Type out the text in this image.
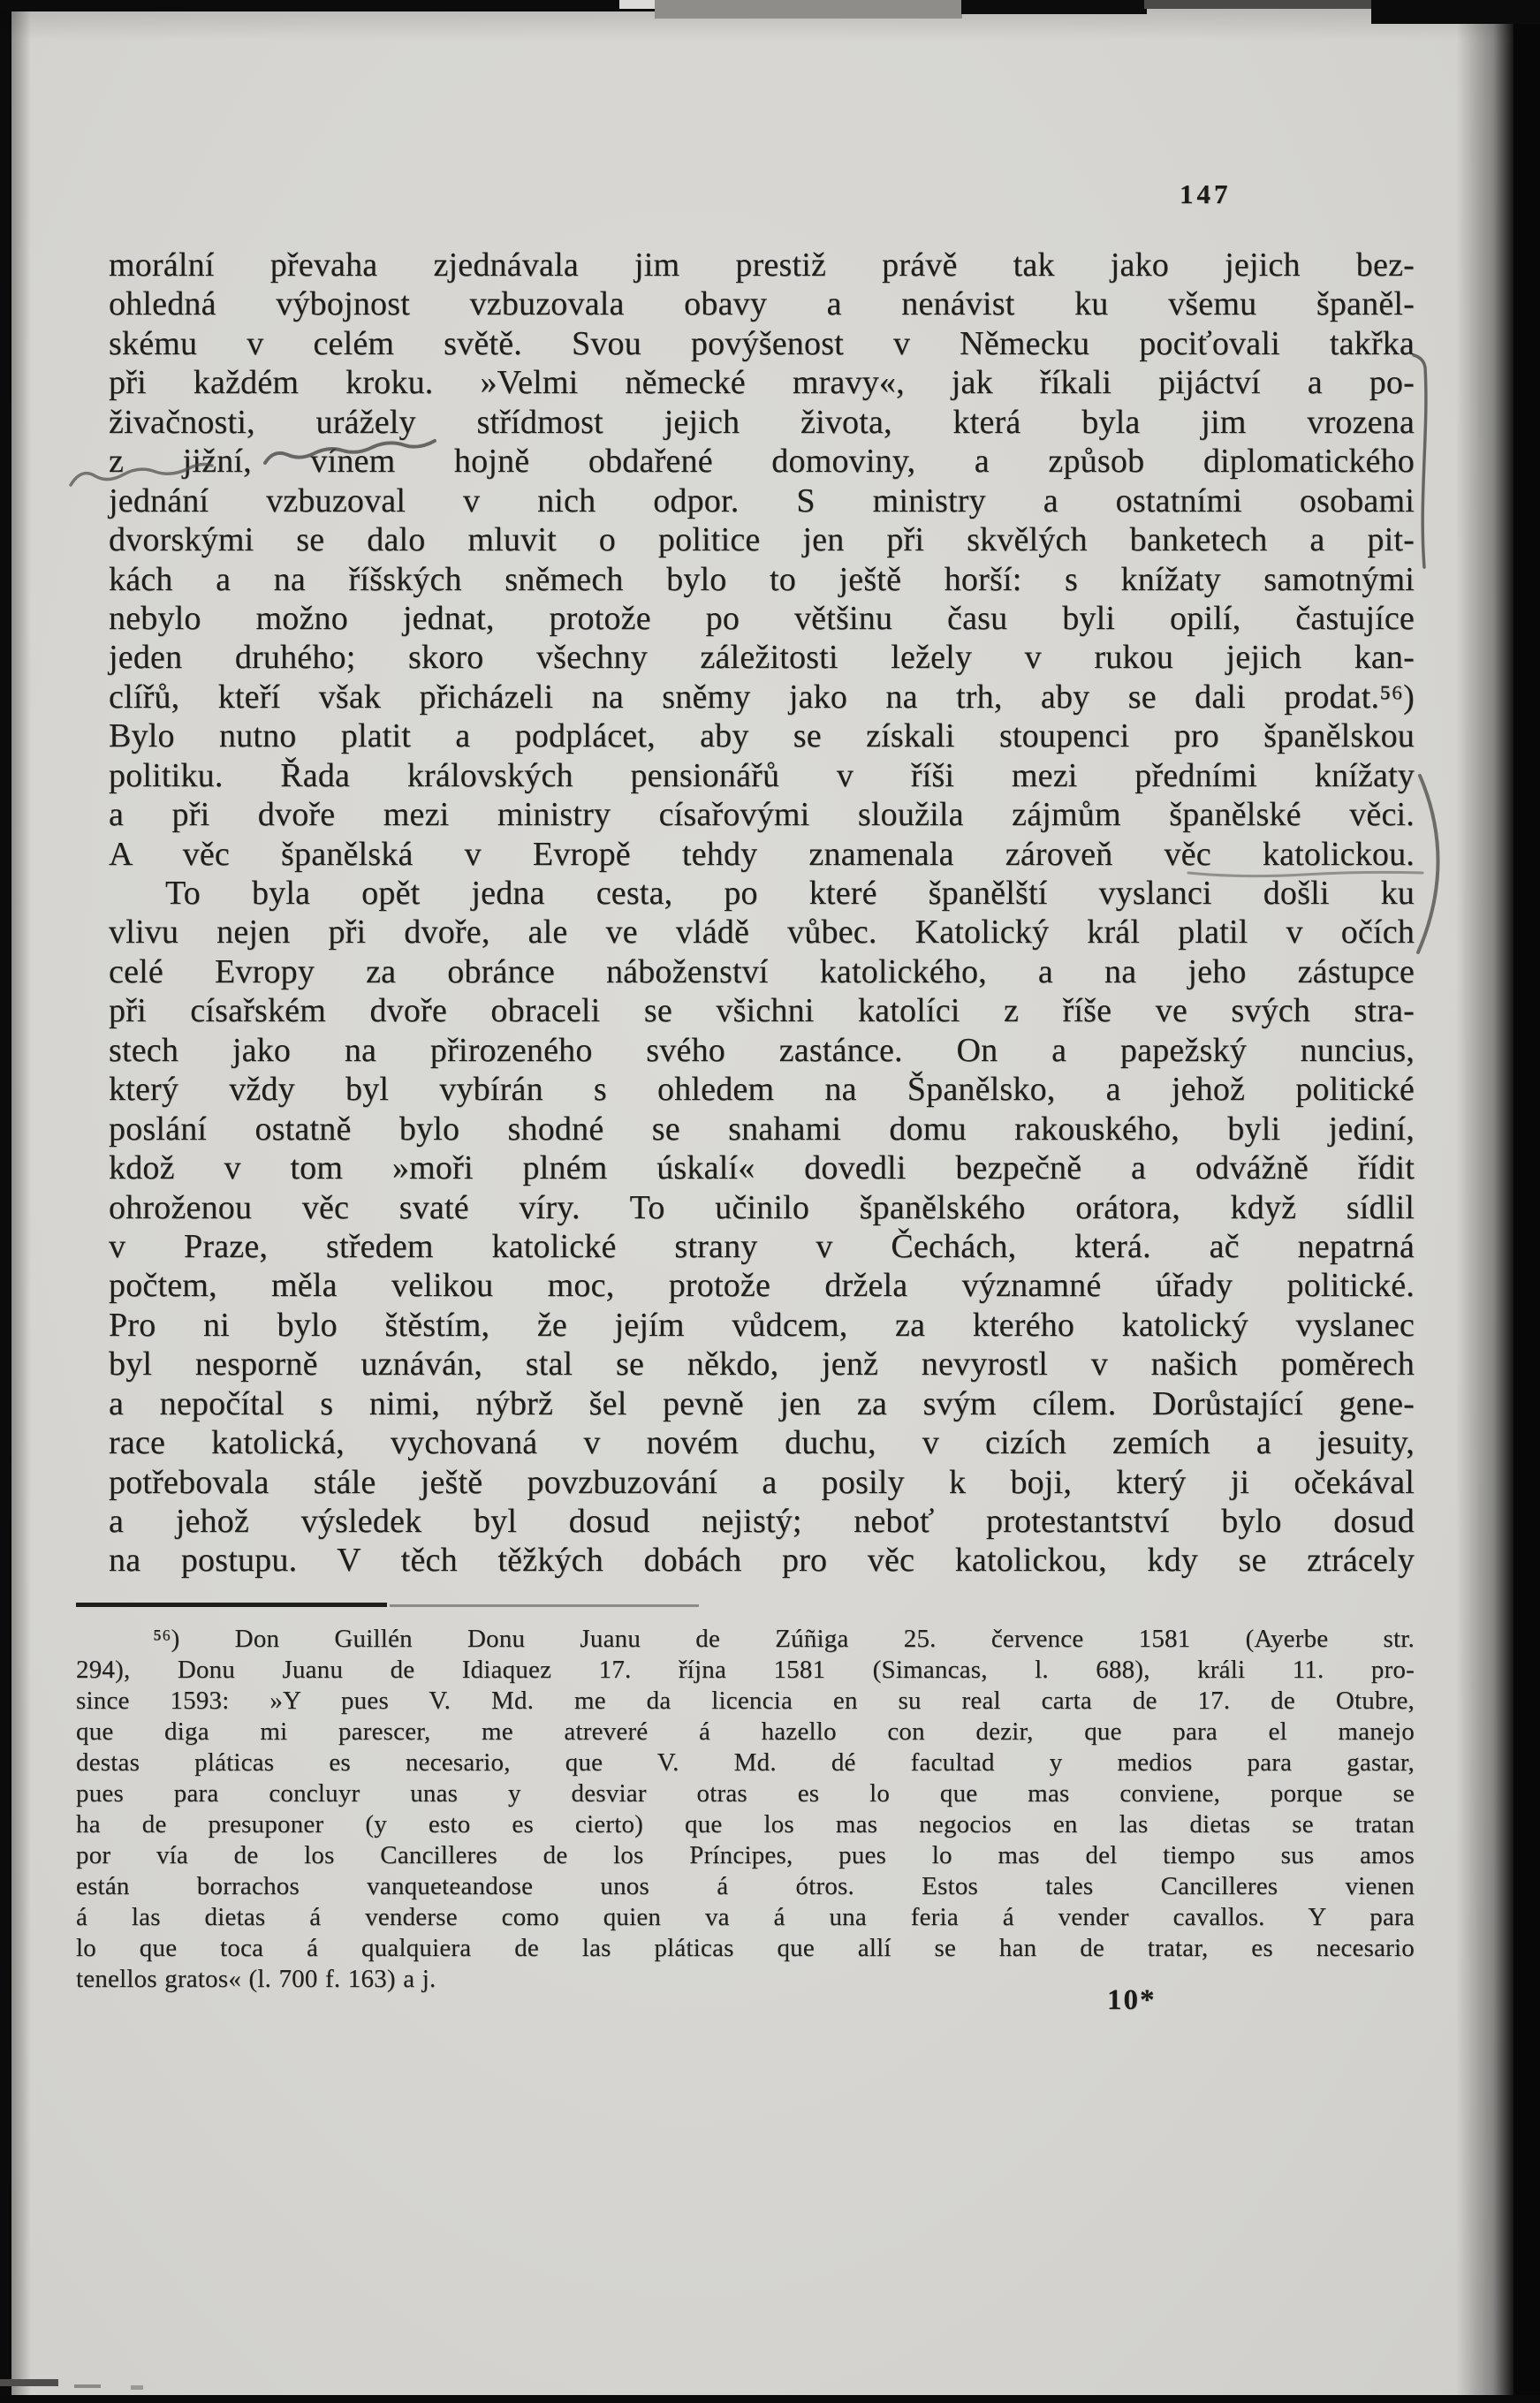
147
morální převaha zjednávala jim prestiž právě tak jako jejich bez-
ohledná výbojnost vzbuzovala obavy a nenávist ku všemu španěl-
skému v celém světě. Svou povýšenost v Německu pociťovali takřka
při každém kroku. »Velmi německé mravy«, jak říkali pijáctví a po-
živačnosti, urážely střídmost jejich života, která byla jim vrozena
z jižní, vínem hojně obdařené domoviny, a způsob diplomatického
jednání vzbuzoval v nich odpor. S ministry a ostatními osobami
dvorskými se dalo mluvit o politice jen při skvělých banketech a pit-
kách a na říšských sněmech bylo to ještě horší: s knížaty samotnými
nebylo možno jednat, protože po většinu času byli opilí, častujíce
jeden druhého; skoro všechny záležitosti ležely v rukou jejich kan-
clířů, kteří však přicházeli na sněmy jako na trh, aby se dali prodat.⁵⁶)
Bylo nutno platit a podplácet, aby se získali stoupenci pro španělskou
politiku. Řada královských pensionářů v říši mezi předními knížaty
a při dvoře mezi ministry císařovými sloužila zájmům španělské věci.
A věc španělská v Evropě tehdy znamenala zároveň věc katolickou.
To byla opět jedna cesta, po které španělští vyslanci došli ku
vlivu nejen při dvoře, ale ve vládě vůbec. Katolický král platil v očích
celé Evropy za obránce náboženství katolického, a na jeho zástupce
při císařském dvoře obraceli se všichni katolíci z říše ve svých stra-
stech jako na přirozeného svého zastánce. On a papežský nuncius,
který vždy byl vybírán s ohledem na Španělsko, a jehož politické
poslání ostatně bylo shodné se snahami domu rakouského, byli jediní,
kdož v tom »moři plném úskalí« dovedli bezpečně a odvážně řídit
ohroženou věc svaté víry. To učinilo španělského orátora, když sídlil
v Praze, středem katolické strany v Čechách, která. ač nepatrná
počtem, měla velikou moc, protože držela významné úřady politické.
Pro ni bylo štěstím, že jejím vůdcem, za kterého katolický vyslanec
byl nesporně uznáván, stal se někdo, jenž nevyrostl v našich poměrech
a nepočítal s nimi, nýbrž šel pevně jen za svým cílem. Dorůstající gene-
race katolická, vychovaná v novém duchu, v cizích zemích a jesuity,
potřebovala stále ještě povzbuzování a posily k boji, který ji očekával
a jehož výsledek byl dosud nejistý; neboť protestantství bylo dosud
na postupu. V těch těžkých dobách pro věc katolickou, kdy se ztrácely
⁵⁶) Don Guillén Donu Juanu de Zúñiga 25. července 1581 (Ayerbe str.
294), Donu Juanu de Idiaquez 17. října 1581 (Simancas, l. 688), králi 11. pro-
since 1593: »Y pues V. Md. me da licencia en su real carta de 17. de Otubre,
que diga mi parescer, me atreveré á hazello con dezir, que para el manejo
destas pláticas es necesario, que V. Md. dé facultad y medios para gastar,
pues para concluyr unas y desviar otras es lo que mas conviene, porque se
ha de presuponer (y esto es cierto) que los mas negocios en las dietas se tratan
por vía de los Cancilleres de los Príncipes, pues lo mas del tiempo sus amos
están borrachos vanqueteandose unos á ótros. Estos tales Cancilleres vienen
á las dietas á venderse como quien va á una feria á vender cavallos. Y para
lo que toca á qualquiera de las pláticas que allí se han de tratar, es necesario
tenellos gratos« (l. 700 f. 163) a j.
10*
